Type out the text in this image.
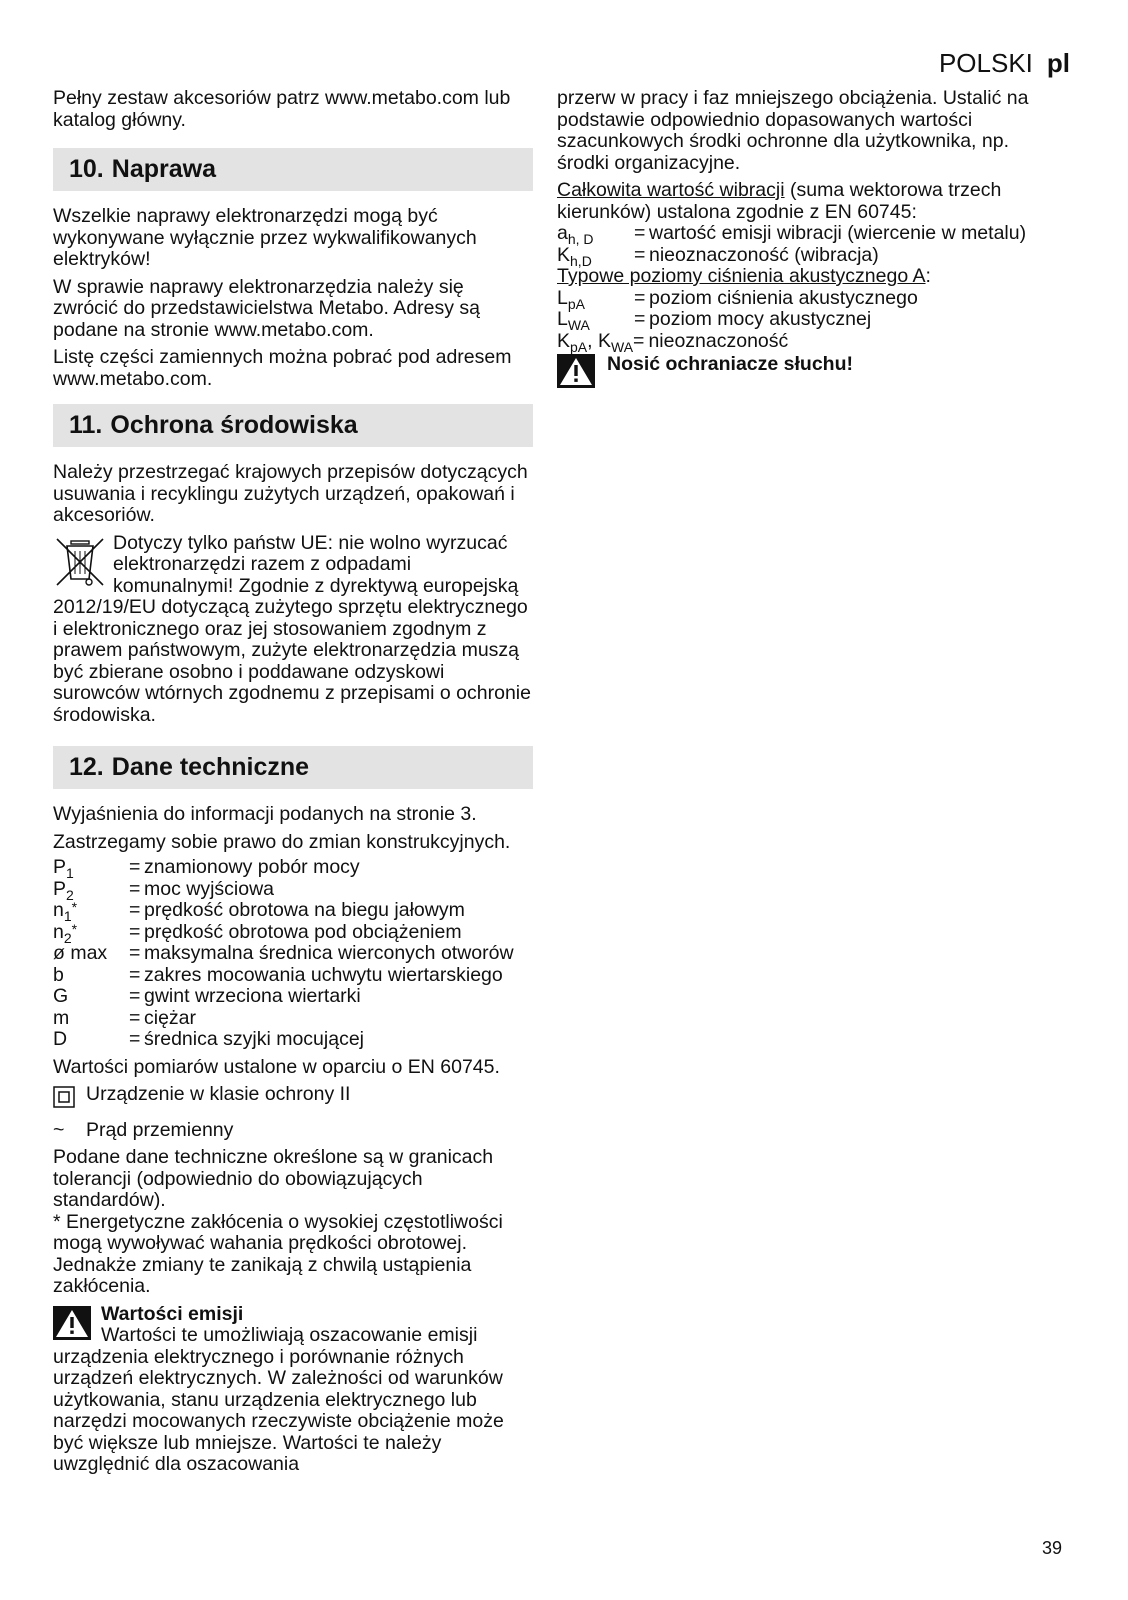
POLSKI pl

Pełny zestaw akcesoriów patrz www.metabo.com lub katalog główny.

10. Naprawa

Wszelkie naprawy elektronarzędzi mogą być wykonywane wyłącznie przez wykwalifikowanych elektryków!

W sprawie naprawy elektronarzędzia należy się zwrócić do przedstawicielstwa Metabo. Adresy są podane na stronie www.metabo.com.

Listę części zamiennych można pobrać pod adresem www.metabo.com.

11. Ochrona środowiska

Należy przestrzegać krajowych przepisów dotyczących usuwania i recyklingu zużytych urządzeń, opakowań i akcesoriów.

Dotyczy tylko państw UE: nie wolno wyrzucać elektronarzędzi razem z odpadami komunalnymi! Zgodnie z dyrektywą europejską 2012/19/EU dotyczącą zużytego sprzętu elektrycznego i elektronicznego oraz jej stosowaniem zgodnym z prawem państwowym, zużyte elektronarzędzia muszą być zbierane osobno i poddawane odzyskowi surowców wtórnych zgodnemu z przepisami o ochronie środowiska.

12. Dane techniczne

Wyjaśnienia do informacji podanych na stronie 3.

Zastrzegamy sobie prawo do zmian konstrukcyjnych.

$P_1$	= znamionowy pobór mocy
$P_2$	= moc wyjściowa
$n_1^*$	= prędkość obrotowa na biegu jałowym
$n_2^*$	= prędkość obrotowa pod obciążeniem
ø max	= maksymalna średnica wierconych otworów
b	= zakres mocowania uchwytu wiertarskiego
G	= gwint wrzeciona wiertarki
m	= ciężar
D	= średnica szyjki mocującej

Wartości pomiarów ustalone w oparciu o EN 60745.

Urządzenie w klasie ochrony II
~	Prąd przemienny

Podane dane techniczne określone są w granicach tolerancji (odpowiednio do obowiązujących standardów).

* Energetyczne zakłócenia o wysokiej częstotliwości mogą wywoływać wahania prędkości obrotowej. Jednakże zmiany te zanikają z chwilą ustąpienia zakłócenia.

Wartości emisji
Wartości te umożliwiają oszacowanie emisji urządzenia elektrycznego i porównanie różnych urządzeń elektrycznych. W zależności od warunków użytkowania, stanu urządzenia elektrycznego lub narzędzi mocowanych rzeczywiste obciążenie może być większe lub mniejsze. Wartości te należy uwzględnić dla oszacowania

przerw w pracy i faz mniejszego obciążenia. Ustalić na podstawie odpowiednio dopasowanych wartości szacunkowych środki ochronne dla użytkownika, np. środki organizacyjne.

Całkowita wartość wibracji (suma wektorowa trzech kierunków) ustalona zgodnie z EN 60745:

$a_{h, D}$	= wartość emisji wibracji (wiercenie w metalu)
$K_{h,D}$	= nieoznaczoność (wibracja)

Typowe poziomy ciśnienia akustycznego A:

$L_{pA}$	= poziom ciśnienia akustycznego
$L_{WA}$	= poziom mocy akustycznej
$K_{pA}$, $K_{WA}$ = nieoznaczoność
Nosić ochraniacze słuchu!
39
